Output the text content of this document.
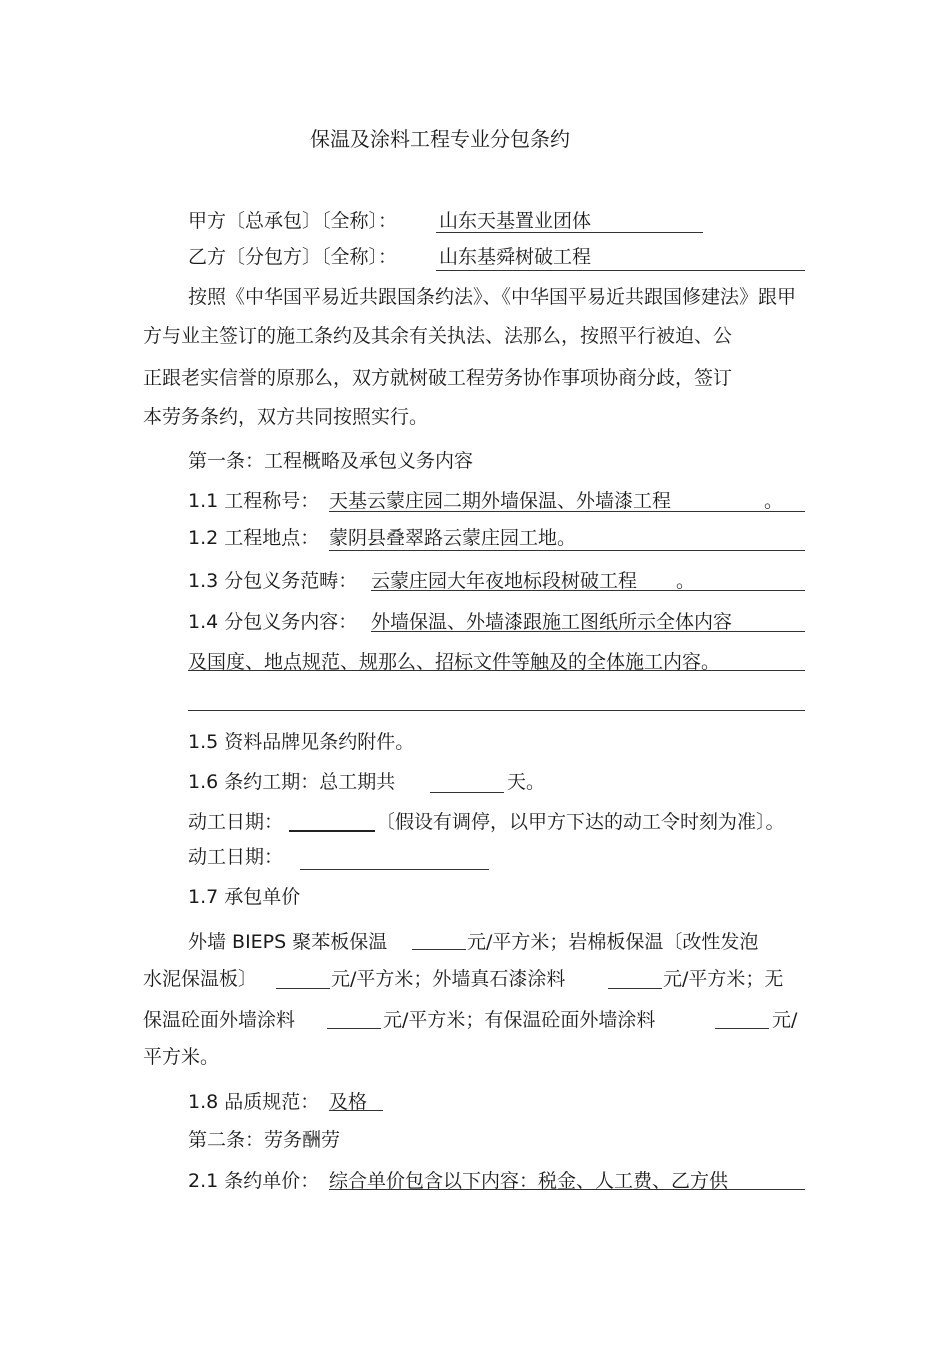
保温及涂料工程专业分包条约
甲方〔总承包〕〔全称〕： 山东天基置业团体
乙方〔分包方〕〔全称〕： 山东基舜树破工程
按照《中华国平易近共跟国条约法》、《中华国平易近共跟国修建法》跟甲
方与业主签订的施工条约及其余有关执法、法那么，按照平行被迫、公
正跟老实信誉的原那么，双方就树破工程劳务协作事项协商分歧，签订
本劳务条约，双方共同按照实行。
第一条：工程概略及承包义务内容
1.1 工程称号： 天基云蒙庄园二期外墙保温、外墙漆工程	。
1.2 工程地点： 蒙阴县叠翠路云蒙庄园工地。
1.3 分包义务范畴： 云蒙庄园大年夜地标段树破工程 。
1.4 分包义务内容： 外墙保温、外墙漆跟施工图纸所示全体内容
及国度、地点规范、规那么、招标文件等触及的全体施工内容。
1.5 资料品牌见条约附件。
1.6 条约工期：总工期共	天。
动工日期：	〔假设有调停，以甲方下达的动工令时刻为准〕。
动工日期：
1.7 承包单价
外墙 BIEPS 聚苯板保温	元/平方米；岩棉板保温〔改性发泡
水泥保温板〕	元/平方米；外墙真石漆涂料	元/平方米；无
保温砼面外墙涂料	元/平方米；有保温砼面外墙涂料	元/
平方米。
1.8 品质规范： 及格
第二条：劳务酬劳
2.1 条约单价： 综合单价包含以下内容：税金、人工费、乙方供
